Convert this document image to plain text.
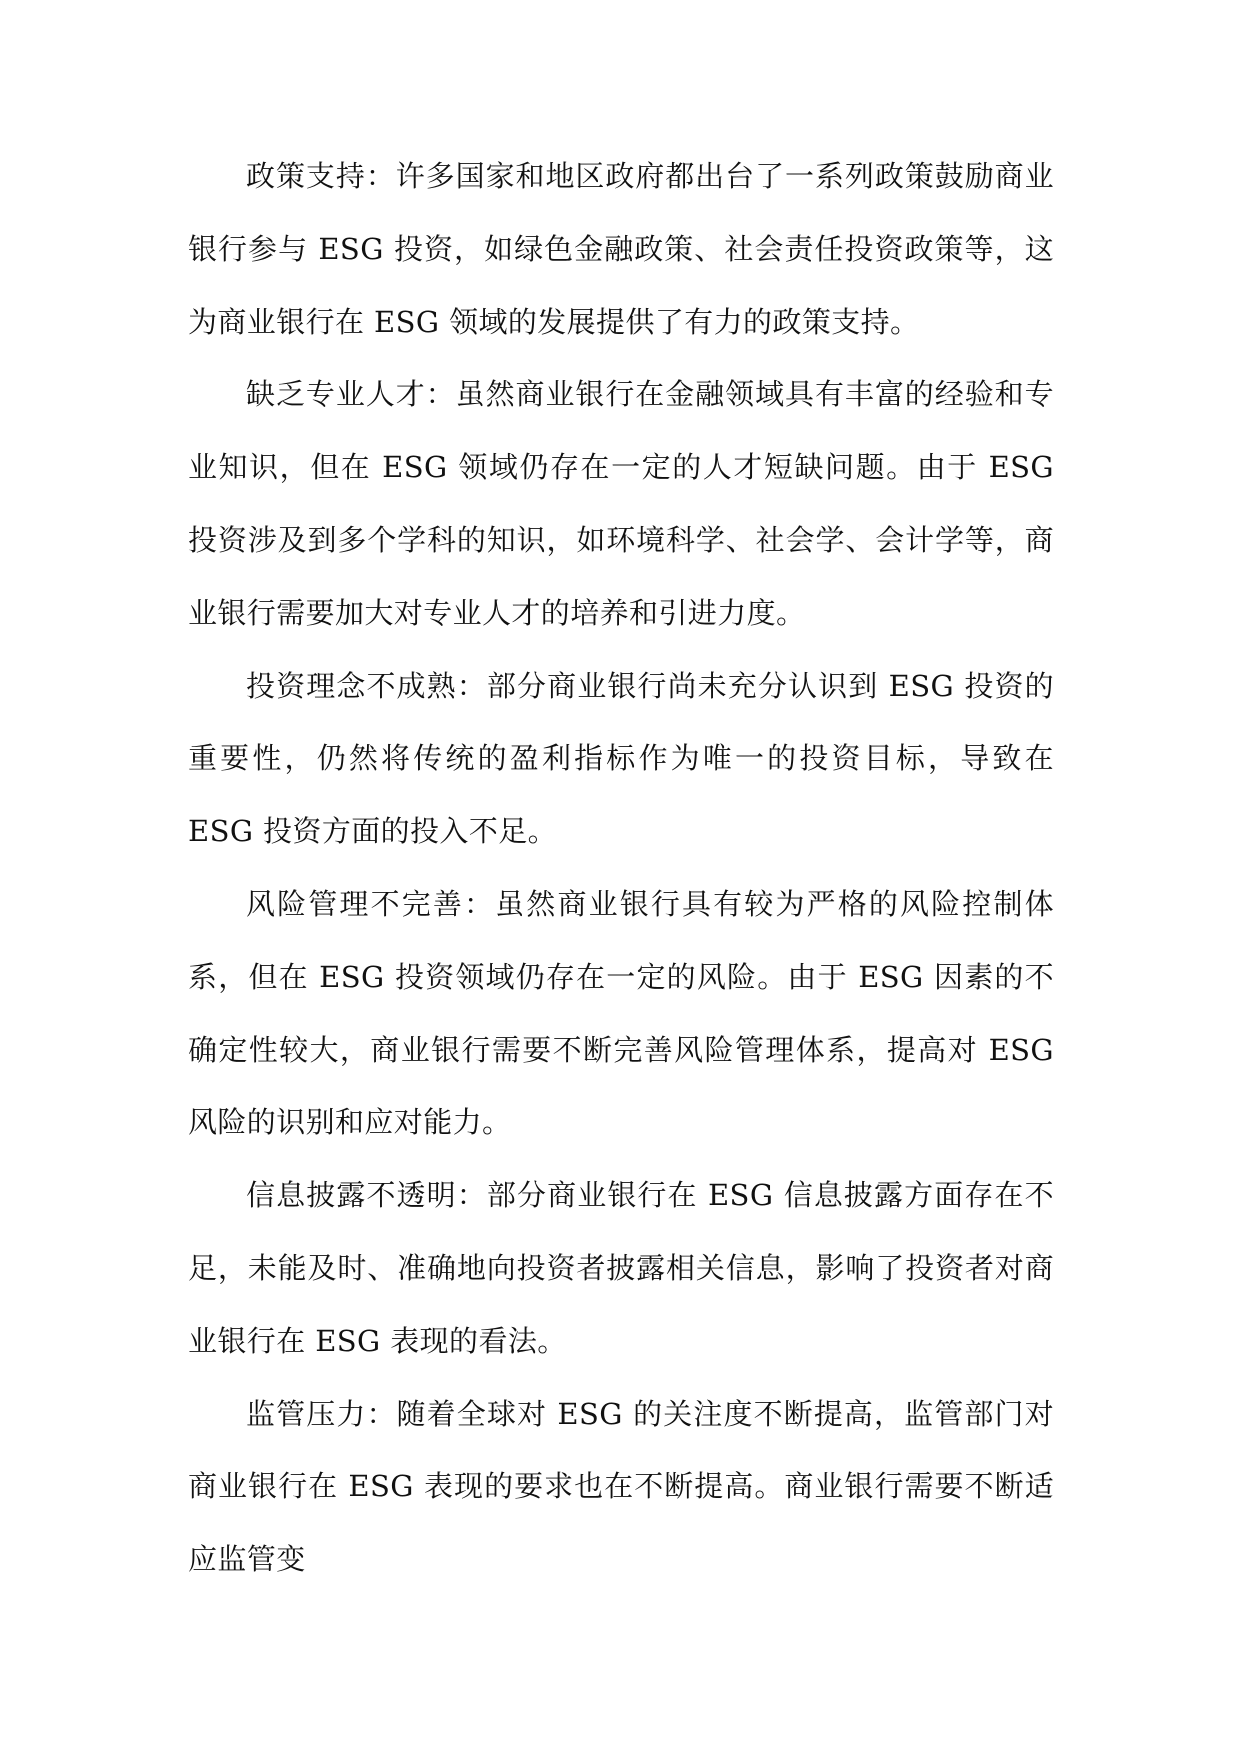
政策支持：许多国家和地区政府都出台了一系列政策鼓励商业银行参与 ESG 投资，如绿色金融政策、社会责任投资政策等，这为商业银行在 ESG 领域的发展提供了有力的政策支持。

缺乏专业人才：虽然商业银行在金融领域具有丰富的经验和专业知识，但在 ESG 领域仍存在一定的人才短缺问题。由于 ESG 投资涉及到多个学科的知识，如环境科学、社会学、会计学等，商业银行需要加大对专业人才的培养和引进力度。

投资理念不成熟：部分商业银行尚未充分认识到 ESG 投资的重要性，仍然将传统的盈利指标作为唯一的投资目标，导致在 ESG 投资方面的投入不足。

风险管理不完善：虽然商业银行具有较为严格的风险控制体系，但在 ESG 投资领域仍存在一定的风险。由于 ESG 因素的不确定性较大，商业银行需要不断完善风险管理体系，提高对 ESG 风险的识别和应对能力。

信息披露不透明：部分商业银行在 ESG 信息披露方面存在不足，未能及时、准确地向投资者披露相关信息，影响了投资者对商业银行在 ESG 表现的看法。

监管压力：随着全球对 ESG 的关注度不断提高，监管部门对商业银行在 ESG 表现的要求也在不断提高。商业银行需要不断适应监管变
